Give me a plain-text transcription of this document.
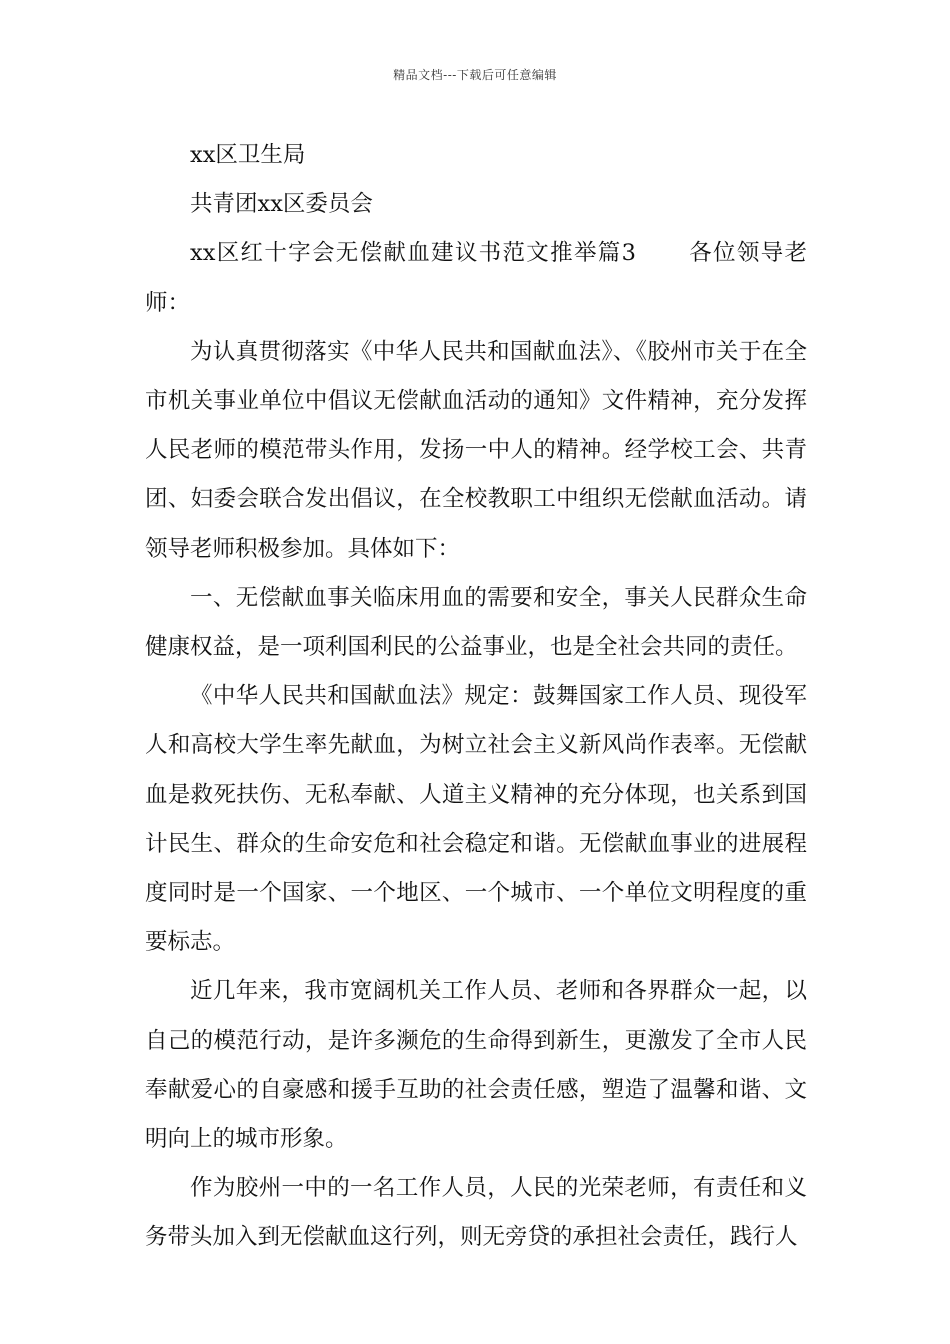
精品文档---下载后可任意编辑

xx区卫生局

共青团xx区委员会

xx区红十字会无偿献血建议书范文推举篇3 各位领导老师：

为认真贯彻落实《中华人民共和国献血法》、《胶州市关于在全市机关事业单位中倡议无偿献血活动的通知》文件精神，充分发挥人民老师的模范带头作用，发扬一中人的精神。经学校工会、共青团、妇委会联合发出倡议，在全校教职工中组织无偿献血活动。请领导老师积极参加。具体如下：

一、无偿献血事关临床用血的需要和安全，事关人民群众生命健康权益，是一项利国利民的公益事业，也是全社会共同的责任。

《中华人民共和国献血法》规定：鼓舞国家工作人员、现役军人和高校大学生率先献血，为树立社会主义新风尚作表率。无偿献血是救死扶伤、无私奉献、人道主义精神的充分体现，也关系到国计民生、群众的生命安危和社会稳定和谐。无偿献血事业的进展程度同时是一个国家、一个地区、一个城市、一个单位文明程度的重要标志。

近几年来，我市宽阔机关工作人员、老师和各界群众一起，以自己的模范行动，是许多濒危的生命得到新生，更激发了全市人民奉献爱心的自豪感和援手互助的社会责任感，塑造了温馨和谐、文明向上的城市形象。

作为胶州一中的一名工作人员，人民的光荣老师，有责任和义务带头加入到无偿献血这行列，则无旁贷的承担社会责任，践行人
